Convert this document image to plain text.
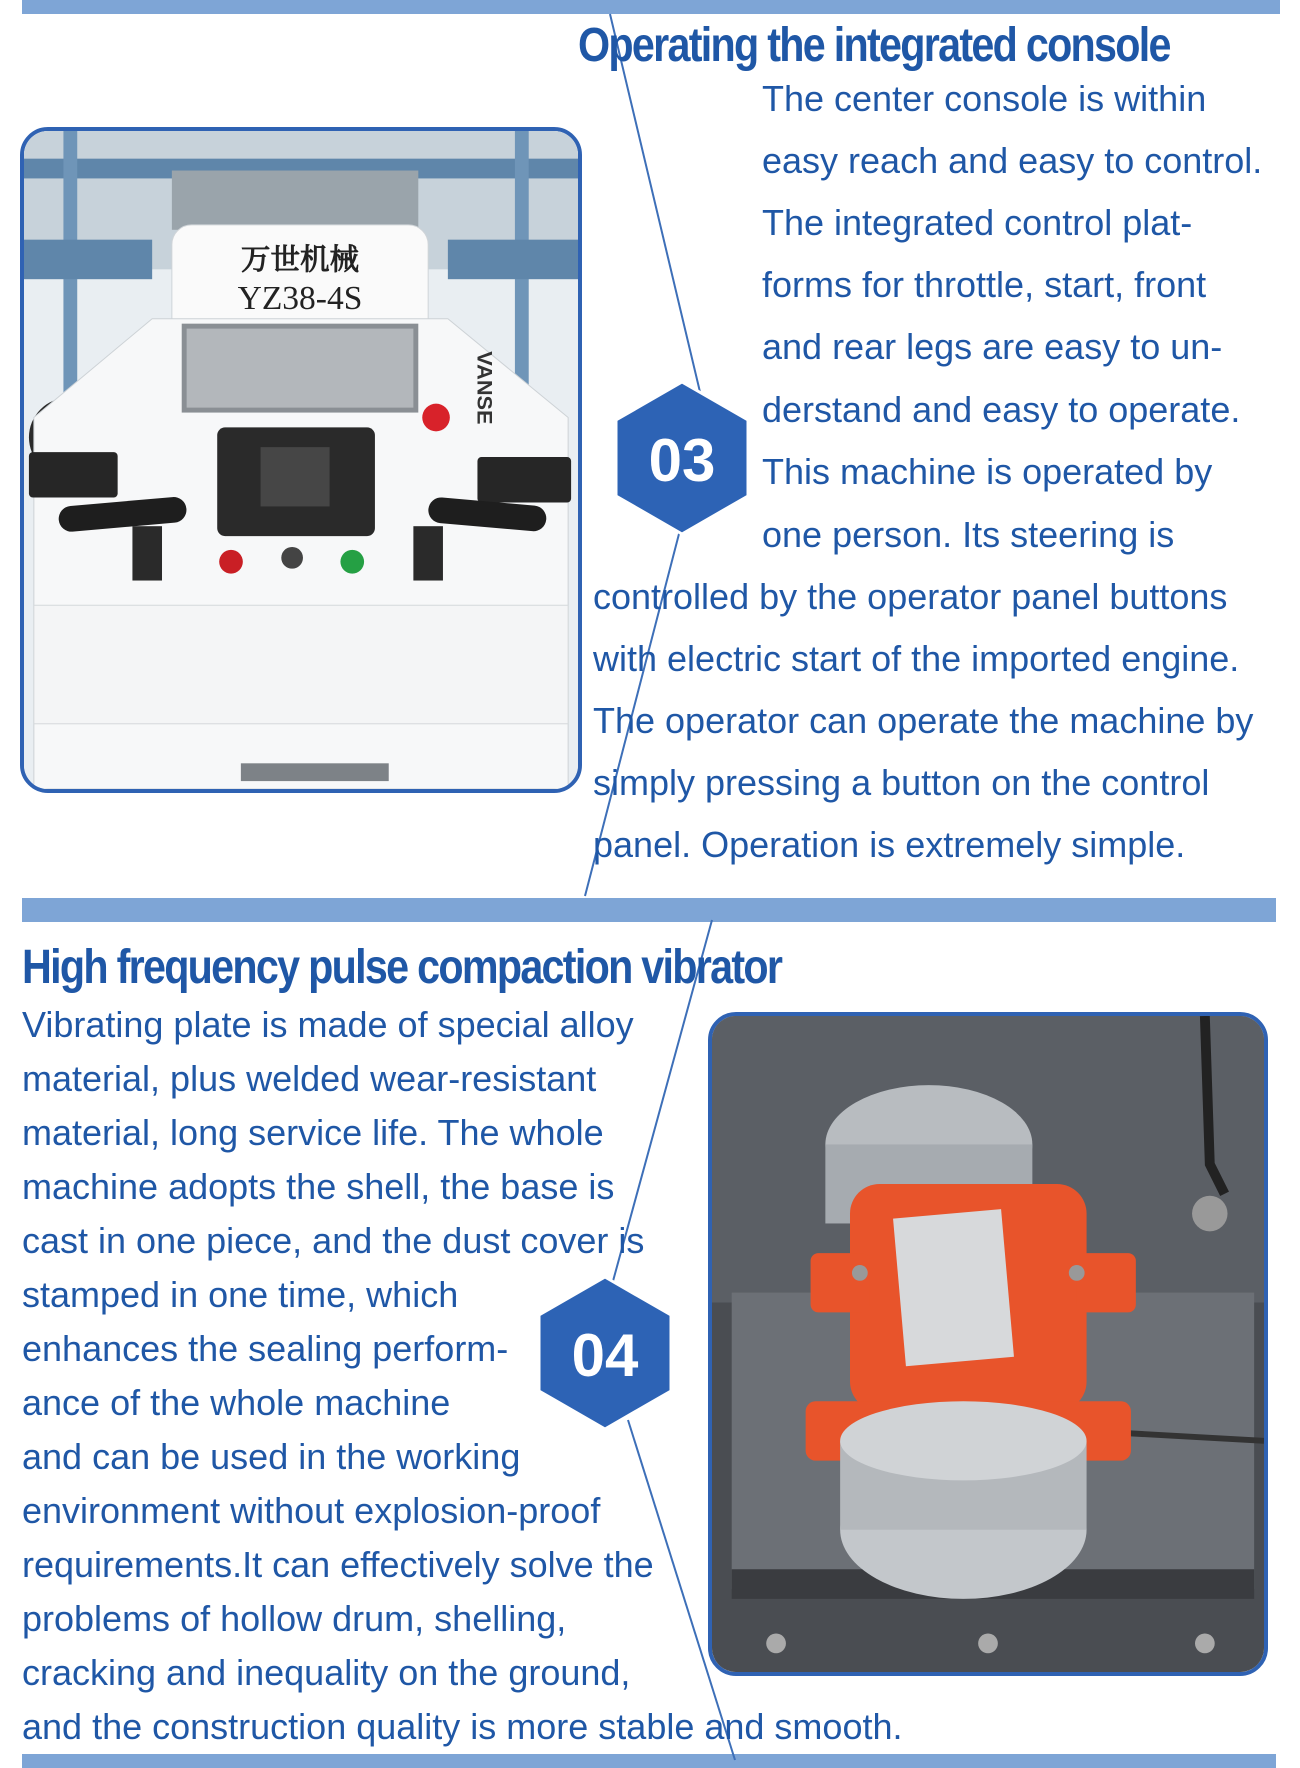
Operating the integrated console
万世机械
YZ38-4S
VANSE
03
The center console is within
easy reach and easy to control.
The integrated control plat-
forms for throttle, start, front
and rear legs are easy to un-
derstand and easy to operate.
This machine is operated by
one person. Its steering is
controlled by the operator panel buttons
with electric start of the imported engine.
The operator can operate the machine by
simply pressing a button on the control
panel. Operation is extremely simple.
High frequency pulse compaction vibrator
04
Vibrating plate is made of special alloy
material, plus welded wear-resistant
material, long service life. The whole
machine adopts the shell, the base is
cast in one piece, and the dust cover is
stamped in one time, which
enhances the sealing perform-
ance of the whole machine
and can be used in the working
environment without explosion-proof
requirements.It can effectively solve the
problems of hollow drum, shelling,
cracking and inequality on the ground,
and the construction quality is more stable and smooth.
